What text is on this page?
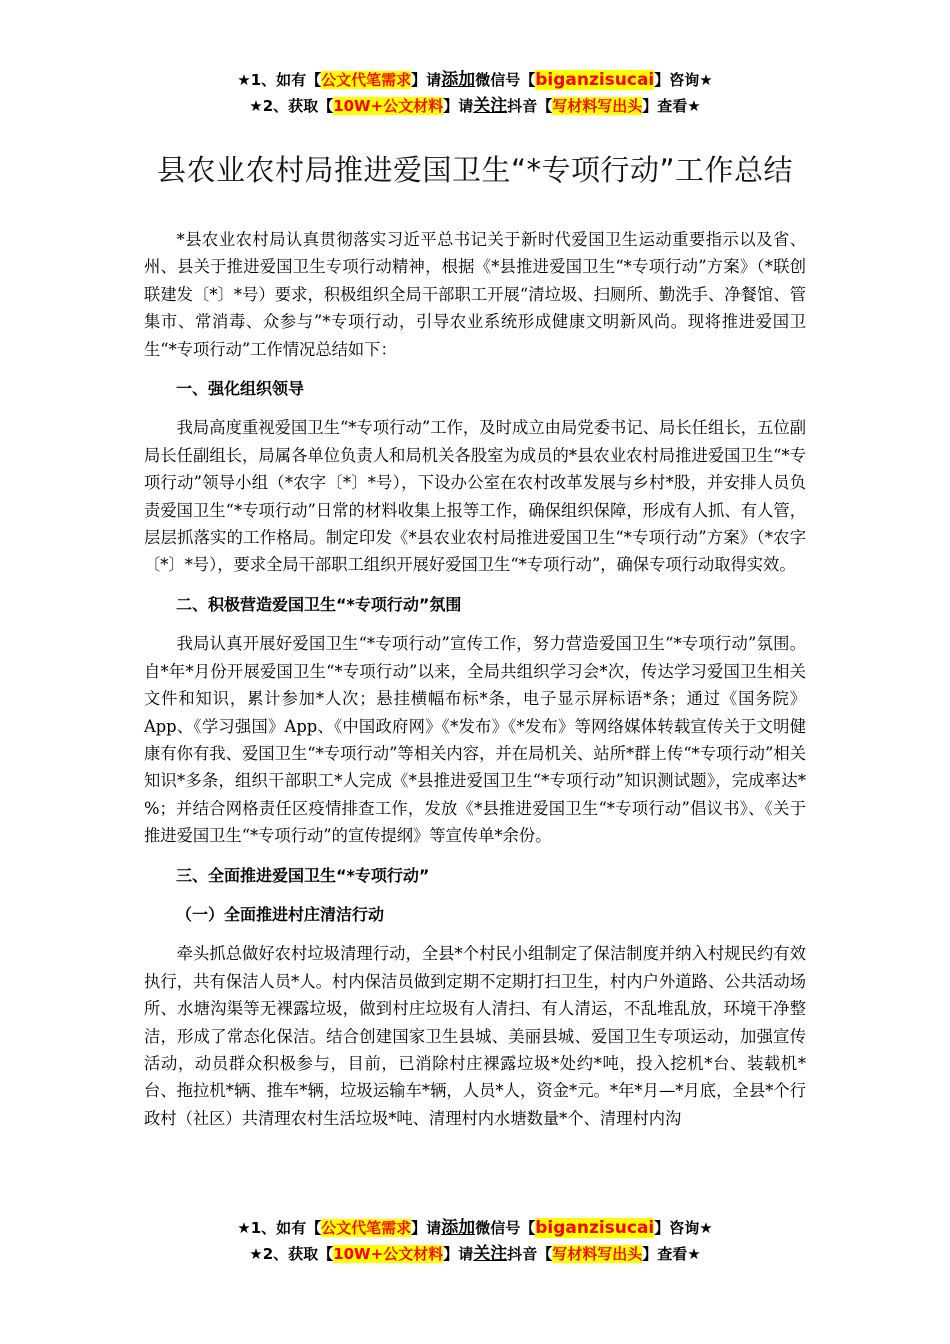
★1、如有【公文代笔需求】请添加微信号【biganzisucai】咨询★
★2、获取【10W+公文材料】请关注抖音【写材料写出头】查看★
县农业农村局推进爱国卫生“*专项行动”工作总结

*县农业农村局认真贯彻落实习近平总书记关于新时代爱国卫生运动重要指示以及省、州、县关于推进爱国卫生专项行动精神，根据《*县推进爱国卫生“*专项行动”方案》（*联创联建发〔*〕*号）要求，积极组织全局干部职工开展“清垃圾、扫厕所、勤洗手、净餐馆、管集市、常消毒、众参与”*专项行动，引导农业系统形成健康文明新风尚。现将推进爱国卫生“*专项行动”工作情况总结如下：

一、强化组织领导

我局高度重视爱国卫生“*专项行动”工作，及时成立由局党委书记、局长任组长，五位副局长任副组长，局属各单位负责人和局机关各股室为成员的*县农业农村局推进爱国卫生“*专项行动”领导小组（*农字〔*〕*号），下设办公室在农村改革发展与乡村*股，并安排人员负责爱国卫生“*专项行动”日常的材料收集上报等工作，确保组织保障，形成有人抓、有人管，层层抓落实的工作格局。制定印发《*县农业农村局推进爱国卫生“*专项行动”方案》（*农字〔*〕*号），要求全局干部职工组织开展好爱国卫生“*专项行动”，确保专项行动取得实效。

二、积极营造爱国卫生“*专项行动”氛围

我局认真开展好爱国卫生“*专项行动”宣传工作，努力营造爱国卫生“*专项行动”氛围。自*年*月份开展爱国卫生“*专项行动”以来，全局共组织学习会*次，传达学习爱国卫生相关文件和知识，累计参加*人次；悬挂横幅布标*条，电子显示屏标语*条；通过《国务院》App、《学习强国》App、《中国政府网》《*发布》《*发布》等网络媒体转载宣传关于文明健康有你有我、爱国卫生“*专项行动”等相关内容，并在局机关、站所*群上传“*专项行动”相关知识*多条，组织干部职工*人完成《*县推进爱国卫生“*专项行动”知识测试题》，完成率达* %；并结合网格责任区疫情排查工作，发放《*县推进爱国卫生“*专项行动”倡议书》、《关于推进爱国卫生“*专项行动”的宣传提纲》等宣传单*余份。

三、全面推进爱国卫生“*专项行动”
（一）全面推进村庄清洁行动

牵头抓总做好农村垃圾清理行动，全县*个村民小组制定了保洁制度并纳入村规民约有效执行，共有保洁人员*人。村内保洁员做到定期不定期打扫卫生，村内户外道路、公共活动场所、水塘沟渠等无裸露垃圾，做到村庄垃圾有人清扫、有人清运，不乱堆乱放，环境干净整洁，形成了常态化保洁。结合创建国家卫生县城、美丽县城、爱国卫生专项运动，加强宣传活动，动员群众积极参与，目前，已消除村庄裸露垃圾*处约*吨，投入挖机*台、装载机*台、拖拉机*辆、推车*辆，垃圾运输车*辆，人员*人，资金*元。*年*月—*月底，全县*个行政村（社区）共清理农村生活垃圾*吨、清理村内水塘数量*个、清理村内沟

★1、如有【公文代笔需求】请添加微信号【biganzisucai】咨询★
★2、获取【10W+公文材料】请关注抖音【写材料写出头】查看★
